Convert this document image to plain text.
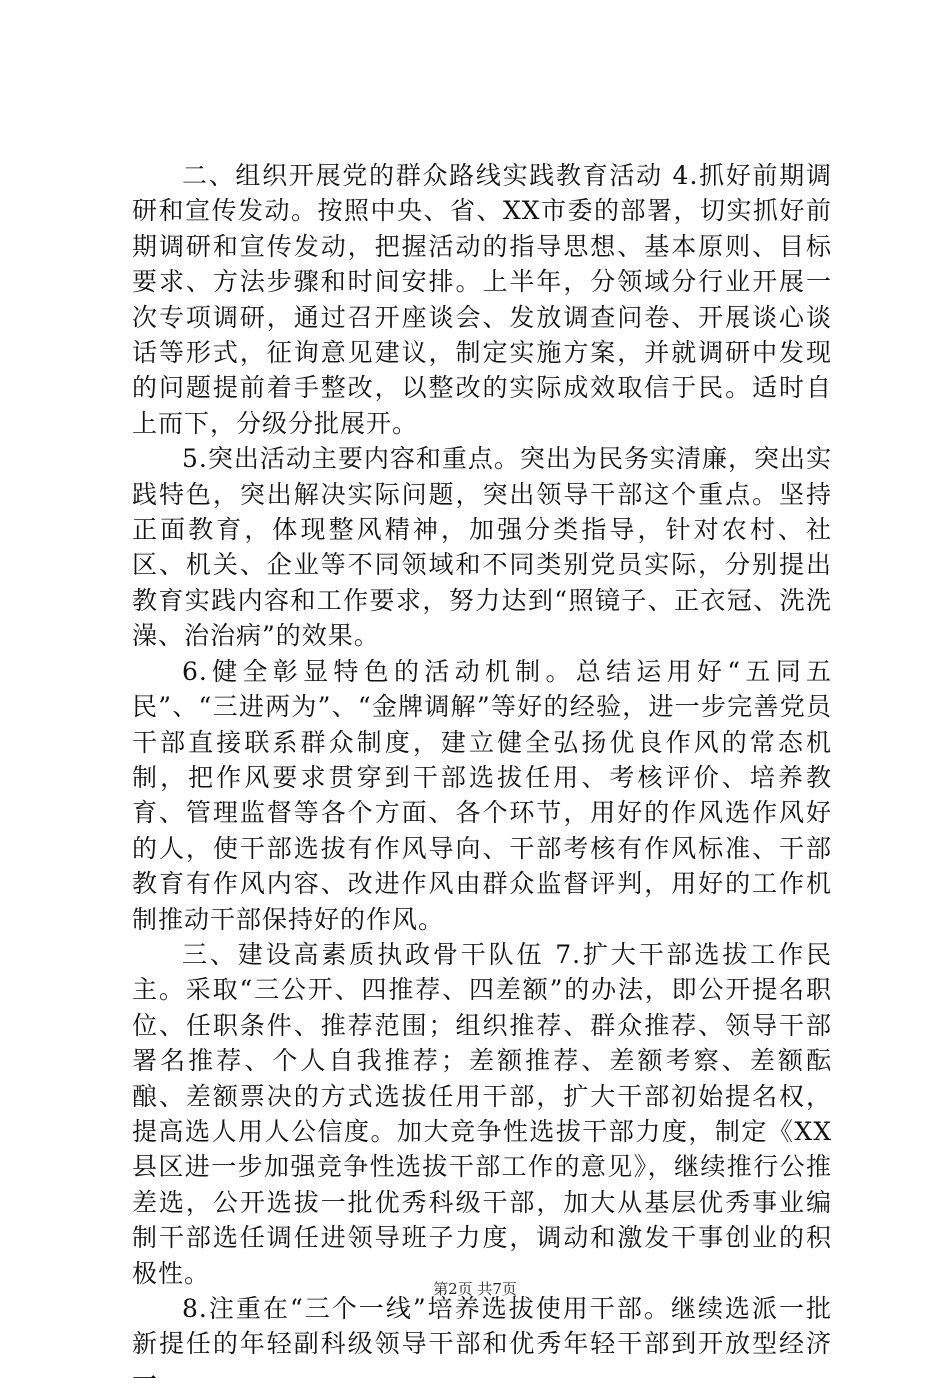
二、组织开展党的群众路线实践教育活动 4.抓好前期调研和宣传发动。按照中央、省、XX市委的部署，切实抓好前期调研和宣传发动，把握活动的指导思想、基本原则、目标要求、方法步骤和时间安排。上半年，分领域分行业开展一次专项调研，通过召开座谈会、发放调查问卷、开展谈心谈话等形式，征询意见建议，制定实施方案，并就调研中发现的问题提前着手整改，以整改的实际成效取信于民。适时自上而下，分级分批展开。

5.突出活动主要内容和重点。突出为民务实清廉，突出实践特色，突出解决实际问题，突出领导干部这个重点。坚持正面教育，体现整风精神，加强分类指导，针对农村、社区、机关、企业等不同领域和不同类别党员实际，分别提出教育实践内容和工作要求，努力达到“照镜子、正衣冠、洗洗澡、治治病”的效果。

6.健全彰显特色的活动机制。总结运用好“五同五民”、“三进两为”、“金牌调解”等好的经验，进一步完善党员干部直接联系群众制度，建立健全弘扬优良作风的常态机制，把作风要求贯穿到干部选拔任用、考核评价、培养教育、管理监督等各个方面、各个环节，用好的作风选作风好的人，使干部选拔有作风导向、干部考核有作风标准、干部教育有作风内容、改进作风由群众监督评判，用好的工作机制推动干部保持好的作风。

三、建设高素质执政骨干队伍 7.扩大干部选拔工作民主。采取“三公开、四推荐、四差额”的办法，即公开提名职位、任职条件、推荐范围；组织推荐、群众推荐、领导干部署名推荐、个人自我推荐；差额推荐、差额考察、差额酝酿、差额票决的方式选拔任用干部，扩大干部初始提名权，提高选人用人公信度。加大竞争性选拔干部力度，制定《XX县区进一步加强竞争性选拔干部工作的意见》，继续推行公推差选，公开选拔一批优秀科级干部，加大从基层优秀事业编制干部选任调任进领导班子力度，调动和激发干事创业的积极性。

8.注重在“三个一线”培养选拔使用干部。继续选派一批新提任的年轻副科级领导干部和优秀年轻干部到开放型经济一

第2页 共7页
